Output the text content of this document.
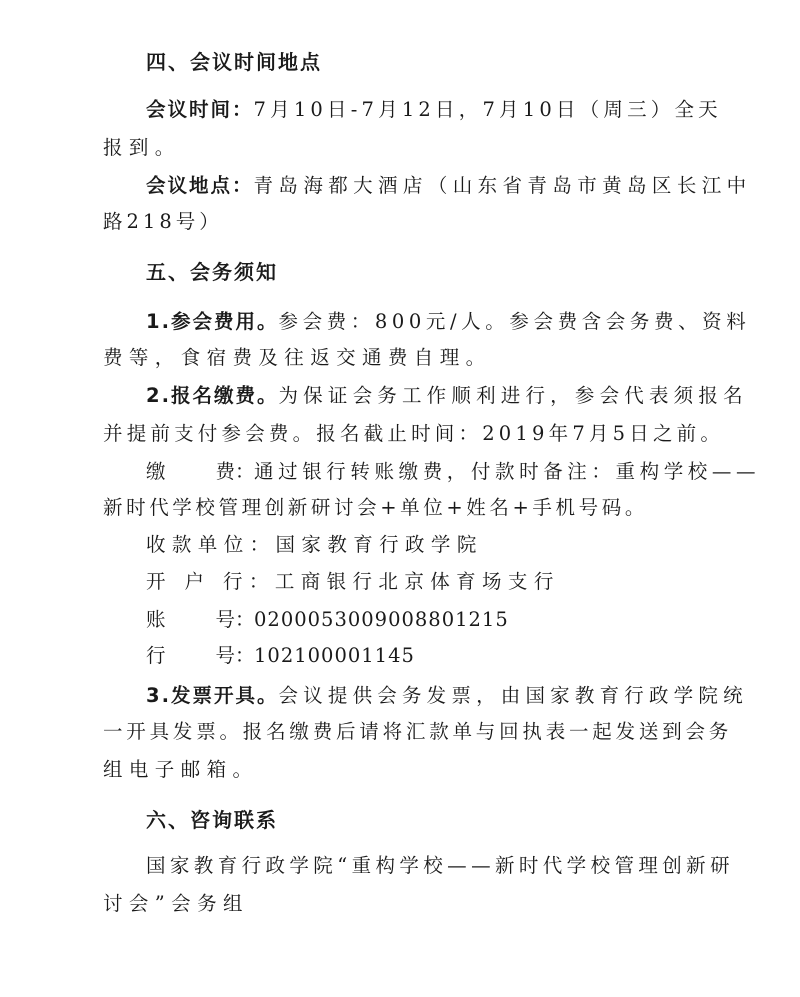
四、会议时间地点
会议时间：7月10日-7月12日，7月10日（周三）全天
报到。
会议地点：青岛海都大酒店（山东省青岛市黄岛区长江中
路218号）
五、会务须知
1.参会费用。参会费：800元/人。参会费含会务费、资料
费等，食宿费及往返交通费自理。
2.报名缴费。为保证会务工作顺利进行，参会代表须报名
并提前支付参会费。报名截止时间：2019年7月5日之前。
缴	费：通过银行转账缴费，付款时备注：重构学校——
新时代学校管理创新研讨会+单位+姓名+手机号码。
收款单位：国家教育行政学院
开 户 行：工商银行北京体育场支行
账	号：0200053009008801215
行	号：102100001145
3.发票开具。会议提供会务发票，由国家教育行政学院统
一开具发票。报名缴费后请将汇款单与回执表一起发送到会务
组电子邮箱。
六、咨询联系
国家教育行政学院“重构学校——新时代学校管理创新研
讨会”会务组
